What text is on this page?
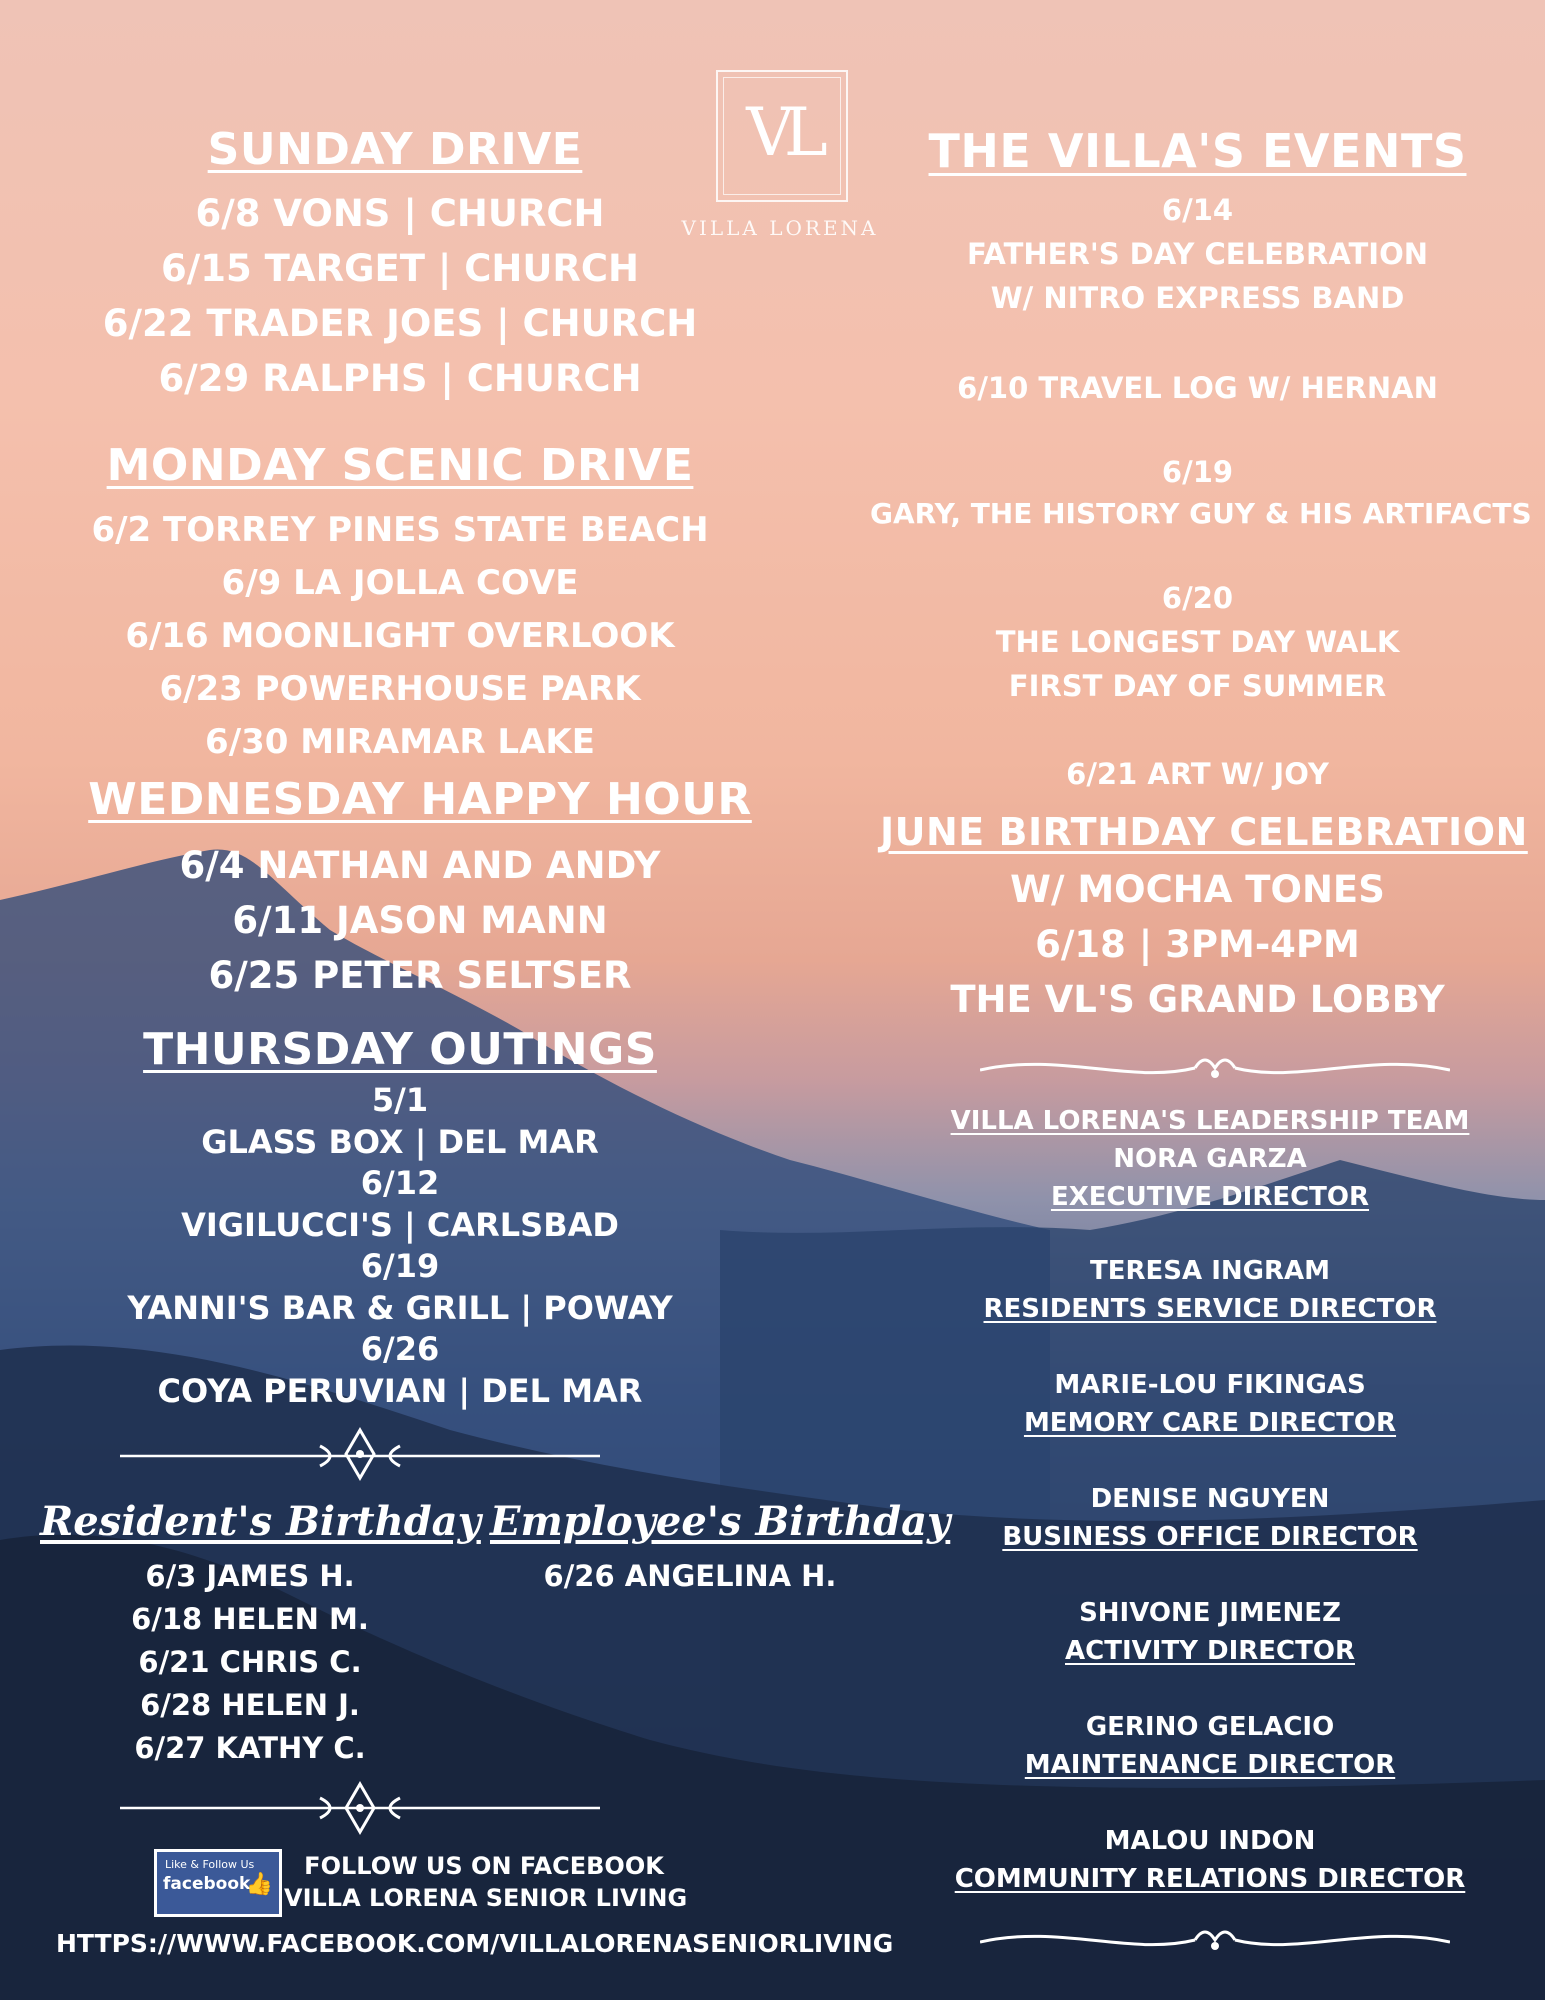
VL
VILLA LORENA
SUNDAY DRIVE
6/8 VONS | CHURCH
6/15 TARGET | CHURCH
6/22 TRADER JOES | CHURCH
6/29 RALPHS | CHURCH
MONDAY SCENIC DRIVE
6/2 TORREY PINES STATE BEACH
6/9 LA JOLLA COVE
6/16 MOONLIGHT OVERLOOK
6/23 POWERHOUSE PARK
6/30 MIRAMAR LAKE
WEDNESDAY HAPPY HOUR
6/4 NATHAN AND ANDY
6/11 JASON MANN
6/25 PETER SELTSER
THURSDAY OUTINGS
5/1
GLASS BOX | DEL MAR
6/12
VIGILUCCI'S | CARLSBAD
6/19
YANNI'S BAR & GRILL | POWAY
6/26
COYA PERUVIAN | DEL MAR
Resident's Birthday
6/3 JAMES H.
6/18 HELEN M.
6/21 CHRIS C.
6/28 HELEN J.
6/27 KATHY C.
Employee's Birthday
6/26 ANGELINA H.
Like & Follow Us
facebook
👍
FOLLOW US ON FACEBOOK
VILLA LORENA SENIOR LIVING
HTTPS://WWW.FACEBOOK.COM/VILLALORENASENIORLIVING
THE VILLA'S EVENTS
6/14
FATHER'S DAY CELEBRATION
W/ NITRO EXPRESS BAND
6/10 TRAVEL LOG W/ HERNAN
6/19
GARY, THE HISTORY GUY & HIS ARTIFACTS
6/20
THE LONGEST DAY WALK
FIRST DAY OF SUMMER
6/21 ART W/ JOY
JUNE BIRTHDAY CELEBRATION
W/ MOCHA TONES
6/18 | 3PM-4PM
THE VL'S GRAND LOBBY
VILLA LORENA'S LEADERSHIP TEAM
NORA GARZA
EXECUTIVE DIRECTOR
TERESA INGRAM
RESIDENTS SERVICE DIRECTOR
MARIE-LOU FIKINGAS
MEMORY CARE DIRECTOR
DENISE NGUYEN
BUSINESS OFFICE DIRECTOR
SHIVONE JIMENEZ
ACTIVITY DIRECTOR
GERINO GELACIO
MAINTENANCE DIRECTOR
MALOU INDON
COMMUNITY RELATIONS DIRECTOR
